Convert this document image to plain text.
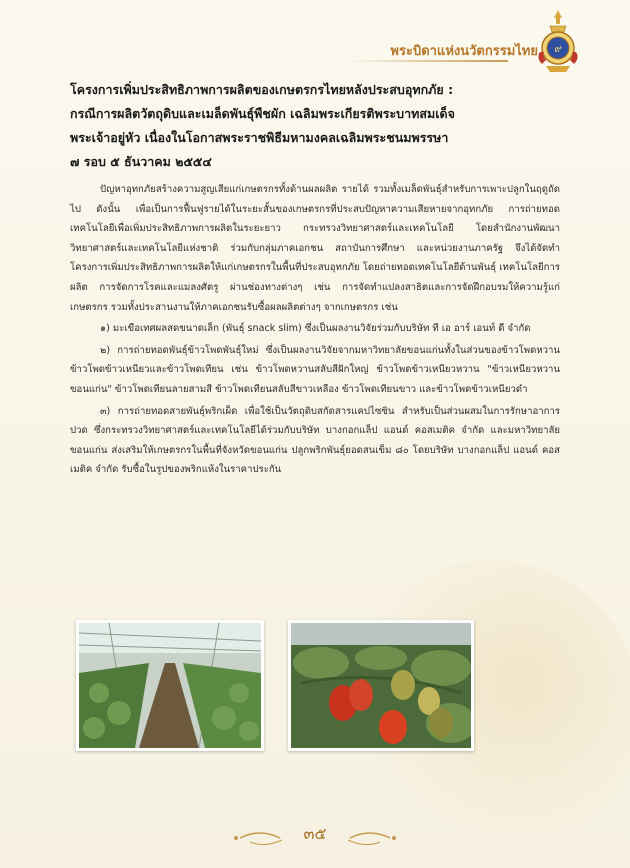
พระบิดาแห่งนวัตกรรมไทย ๙
โครงการเพิ่มประสิทธิภาพการผลิตของเกษตรกรไทยหลังประสบอุทกภัย :
กรณีการผลิตวัตถุดิบและเมล็ดพันธุ์พืชผัก เฉลิมพระเกียรติพระบาทสมเด็จ
พระเจ้าอยู่หัว เนื่องในโอกาสพระราชพิธีมหามงคลเฉลิมพระชนมพรรษา
๗ รอบ ๕ ธันวาคม ๒๕๕๔

ปัญหาอุทกภัยสร้างความสูญเสียแก่เกษตรกรทั้งด้านผลผลิต รายได้ รวมทั้งเมล็ดพันธุ์สำหรับการเพาะปลูกในฤดูถัดไป ดังนั้น เพื่อเป็นการฟื้นฟูรายได้ในระยะสั้นของเกษตรกรที่ประสบปัญหาความเสียหายจากอุทกภัย การถ่ายทอดเทคโนโลยีเพื่อเพิ่มประสิทธิภาพการผลิตในระยะยาว กระทรวงวิทยาศาสตร์และเทคโนโลยี โดยสำนักงานพัฒนาวิทยาศาสตร์และเทคโนโลยีแห่งชาติ ร่วมกับกลุ่มภาคเอกชน สถาบันการศึกษา และหน่วยงานภาครัฐ จึงได้จัดทำโครงการเพิ่มประสิทธิภาพการผลิตให้แก่เกษตรกรในพื้นที่ประสบอุทกภัย โดยถ่ายทอดเทคโนโลยีด้านพันธุ์ เทคโนโลยีการผลิต การจัดการโรคและแมลงศัตรู ผ่านช่องทางต่างๆ เช่น การจัดทำแปลงสาธิตและการจัดฝึกอบรมให้ความรู้แก่เกษตรกร รวมทั้งประสานงานให้ภาคเอกชนรับซื้อผลผลิตต่างๆ จากเกษตรกร เช่น

๑) มะเขือเทศผลสดขนาดเล็ก (พันธุ์ snack slim) ซึ่งเป็นผลงานวิจัยร่วมกับบริษัท ที เอ อาร์ เอนท์ ดี จำกัด

๒) การถ่ายทอดพันธุ์ข้าวโพดพันธุ์ใหม่ ซึ่งเป็นผลงานวิจัยจากมหาวิทยาลัยขอนแก่นทั้งในส่วนของข้าวโพดหวาน ข้าวโพดข้าวเหนียวและข้าวโพดเทียน เช่น ข้าวโพดหวานสลับสีฝักใหญ่ ข้าวโพดข้าวเหนียวหวาน "ข้าวเหนียวหวานขอนแก่น" ข้าวโพดเทียนลายสามสี ข้าวโพดเทียนสลับสีขาวเหลือง ข้าวโพดเทียนขาว และข้าวโพดข้าวเหนียวดำ

๓) การถ่ายทอดสายพันธุ์พริกเผ็ด เพื่อใช้เป็นวัตถุดิบสกัดสารแคปไซซิน สำหรับเป็นส่วนผสมในการรักษาอาการปวด ซึ่งกระทรวงวิทยาศาสตร์และเทคโนโลยีได้ร่วมกับบริษัท บางกอกแล็ป แอนด์ คอสเมติค จำกัด และมหาวิทยาลัยขอนแก่น ส่งเสริมให้เกษตรกรในพื้นที่จังหวัดขอนแก่น ปลูกพริกพันธุ์ยอดสนเข็ม ๘๐ โดยบริษัท บางกอกแล็ป แอนด์ คอสเมติค จำกัด รับซื้อในรูปของพริกแห้งในราคาประกัน

๓๕
